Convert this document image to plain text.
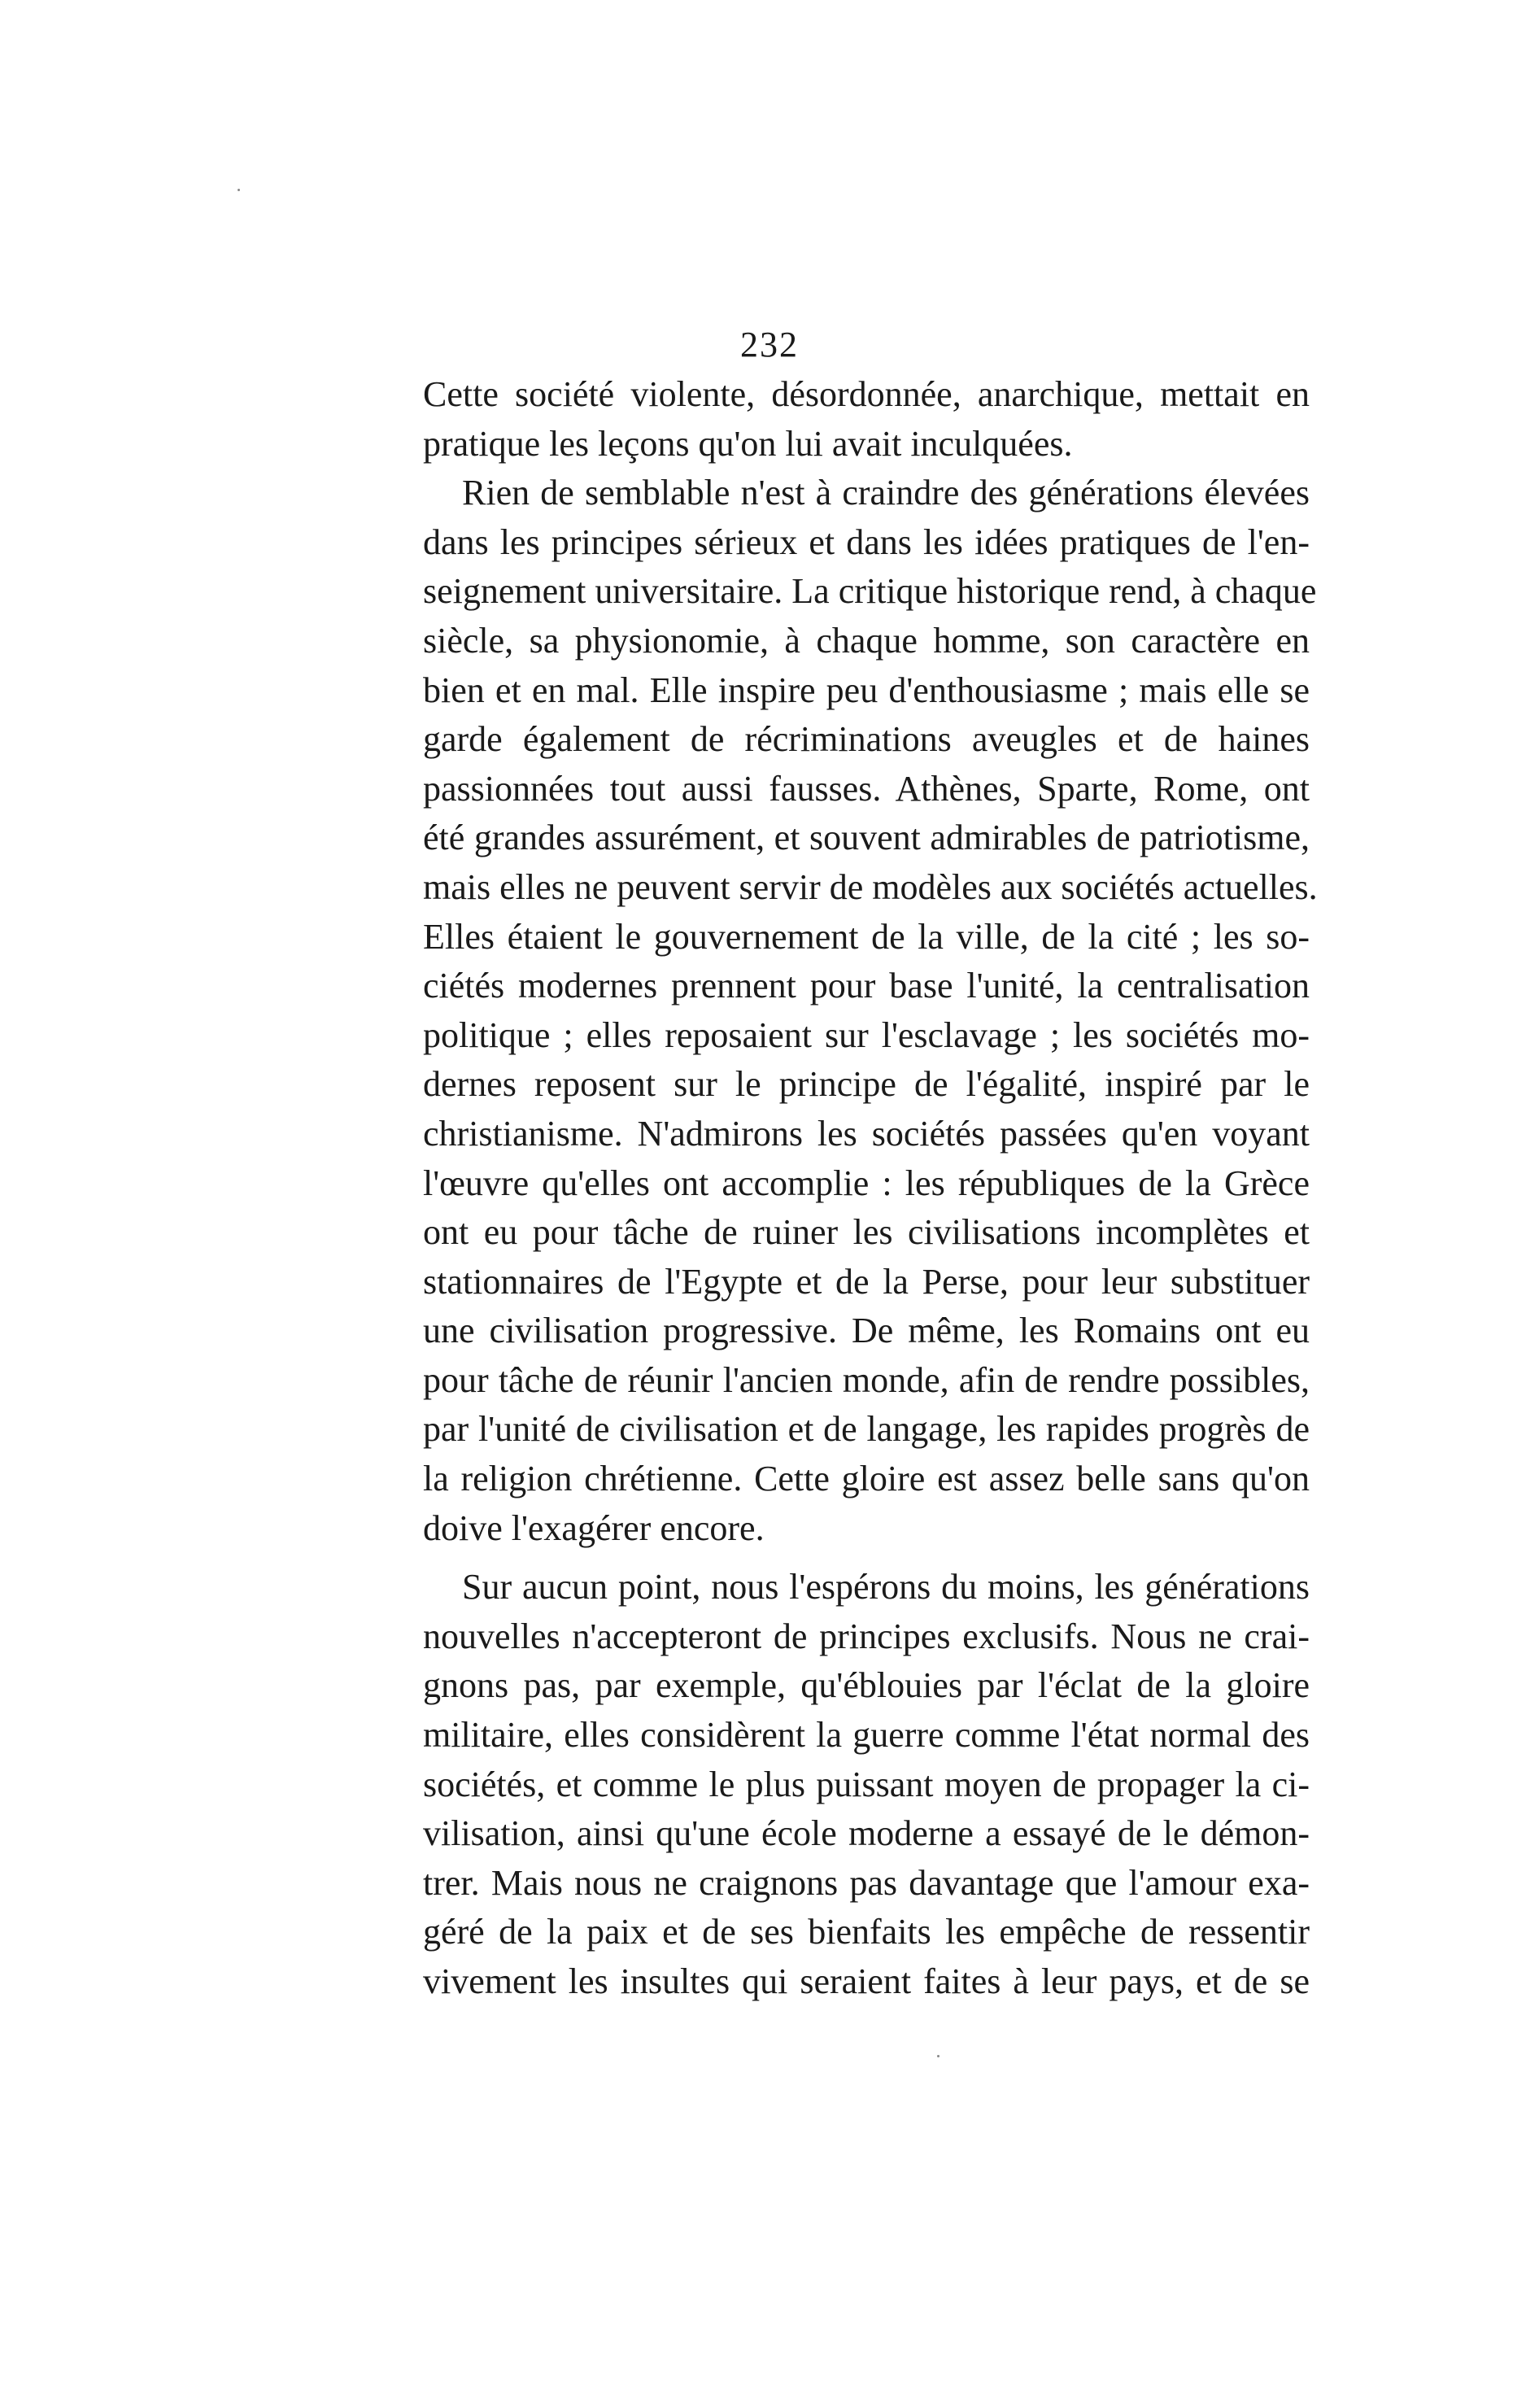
232
Cette société violente, désordonnée, anarchique, mettait en
pratique les leçons qu'on lui avait inculquées.
Rien de semblable n'est à craindre des générations élevées
dans les principes sérieux et dans les idées pratiques de l'en-
seignement universitaire. La critique historique rend, à chaque
siècle, sa physionomie, à chaque homme, son caractère en
bien et en mal. Elle inspire peu d'enthousiasme ; mais elle se
garde également de récriminations aveugles et de haines
passionnées tout aussi fausses. Athènes, Sparte, Rome, ont
été grandes assurément, et souvent admirables de patriotisme,
mais elles ne peuvent servir de modèles aux sociétés actuelles.
Elles étaient le gouvernement de la ville, de la cité ; les so-
ciétés modernes prennent pour base l'unité, la centralisation
politique ; elles reposaient sur l'esclavage ; les sociétés mo-
dernes reposent sur le principe de l'égalité, inspiré par le
christianisme. N'admirons les sociétés passées qu'en voyant
l'œuvre qu'elles ont accomplie : les républiques de la Grèce
ont eu pour tâche de ruiner les civilisations incomplètes et
stationnaires de l'Egypte et de la Perse, pour leur substituer
une civilisation progressive. De même, les Romains ont eu
pour tâche de réunir l'ancien monde, afin de rendre possibles,
par l'unité de civilisation et de langage, les rapides progrès de
la religion chrétienne. Cette gloire est assez belle sans qu'on
doive l'exagérer encore.
Sur aucun point, nous l'espérons du moins, les générations
nouvelles n'accepteront de principes exclusifs. Nous ne crai-
gnons pas, par exemple, qu'éblouies par l'éclat de la gloire
militaire, elles considèrent la guerre comme l'état normal des
sociétés, et comme le plus puissant moyen de propager la ci-
vilisation, ainsi qu'une école moderne a essayé de le démon-
trer. Mais nous ne craignons pas davantage que l'amour exa-
géré de la paix et de ses bienfaits les empêche de ressentir
vivement les insultes qui seraient faites à leur pays, et de se
